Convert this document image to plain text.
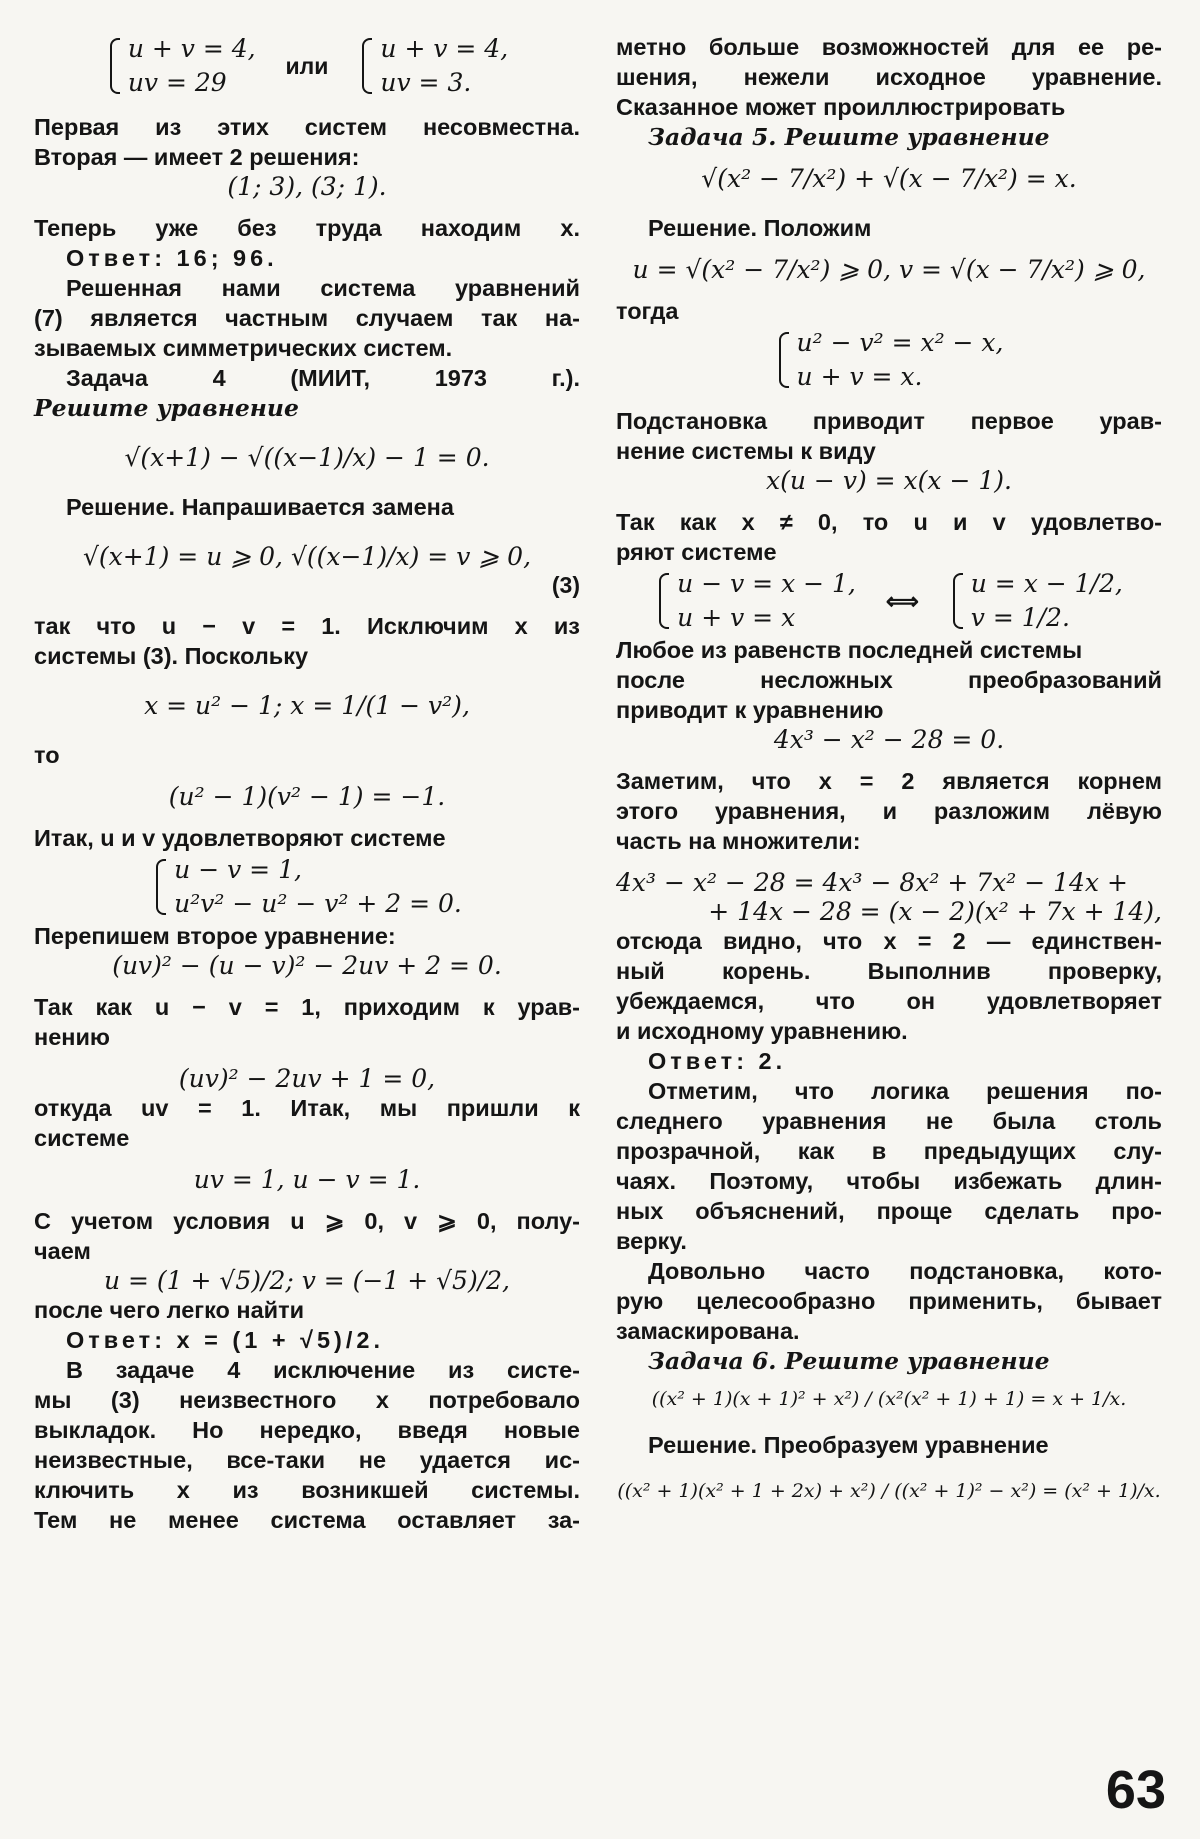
u + v = 4,
uv = 29
или
u + v = 4,
uv = 3.
Первая из этих систем несовместна.
Вторая — имеет 2 решения:
(1; 3), (3; 1).
Теперь уже без труда находим x.
Ответ: 16; 96.
Решенная нами система уравнений
(7) является частным случаем так на-
зываемых симметрических систем.
Задача 4 (МИИТ, 1973 г.).
Решите уравнение
√(x+1) − √((x−1)/x) − 1 = 0.
Решение. Напрашивается замена
√(x+1) = u ⩾ 0, √((x−1)/x) = v ⩾ 0,
(3)
так что u − v = 1. Исключим x из
системы (3). Поскольку
x = u² − 1; x = 1/(1 − v²),
то
(u² − 1)(v² − 1) = −1.
Итак, u и v удовлетворяют системе
u − v = 1,
u²v² − u² − v² + 2 = 0.
Перепишем второе уравнение:
(uv)² − (u − v)² − 2uv + 2 = 0.
Так как u − v = 1, приходим к урав-
нению
(uv)² − 2uv + 1 = 0,
откуда uv = 1. Итак, мы пришли к
системе
uv = 1, u − v = 1.
С учетом условия u ⩾ 0, v ⩾ 0, полу-
чаем
u = (1 + √5)/2; v = (−1 + √5)/2,
после чего легко найти
Ответ: x = (1 + √5)/2.
В задаче 4 исключение из систе-
мы (3) неизвестного x потребовало
выкладок. Но нередко, введя новые
неизвестные, все-таки не удается ис-
ключить x из возникшей системы.
Тем не менее система оставляет за-
метно больше возможностей для ее ре-
шения, нежели исходное уравнение.
Сказанное может проиллюстрировать
Задача 5. Решите уравнение
√(x² − 7/x²) + √(x − 7/x²) = x.
Решение. Положим
u = √(x² − 7/x²) ⩾ 0, v = √(x − 7/x²) ⩾ 0,
тогда
u² − v² = x² − x,
u + v = x.
Подстановка приводит первое урав-
нение системы к виду
x(u − v) = x(x − 1).
Так как x ≠ 0, то u и v удовлетво-
ряют системе
u − v = x − 1,
u + v = x
⟺
u = x − 1/2,
v = 1/2.
Любое из равенств последней системы
после несложных преобразований
приводит к уравнению
4x³ − x² − 28 = 0.
Заметим, что x = 2 является корнем
этого уравнения, и разложим лёвую
часть на множители:
4x³ − x² − 28 = 4x³ − 8x² + 7x² − 14x +
+ 14x − 28 = (x − 2)(x² + 7x + 14),
отсюда видно, что x = 2 — единствен-
ный корень. Выполнив проверку,
убеждаемся, что он удовлетворяет
и исходному уравнению.
Ответ: 2.
Отметим, что логика решения по-
следнего уравнения не была столь
прозрачной, как в предыдущих слу-
чаях. Поэтому, чтобы избежать длин-
ных объяснений, проще сделать про-
верку.
Довольно часто подстановка, кото-
рую целесообразно применить, бывает
замаскирована.
Задача 6. Решите уравнение
((x² + 1)(x + 1)² + x²) / (x²(x² + 1) + 1) = x + 1/x.
Решение. Преобразуем уравнение
((x² + 1)(x² + 1 + 2x) + x²) / ((x² + 1)² − x²) = (x² + 1)/x.
63
